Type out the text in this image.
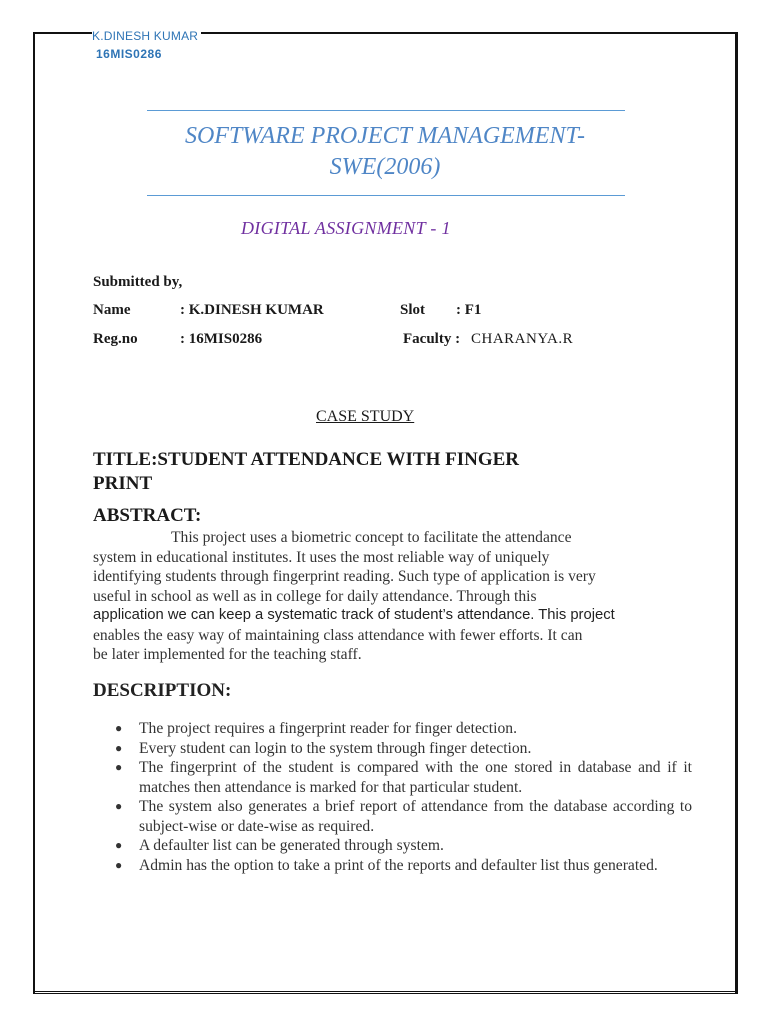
K.DINESH KUMAR
16MIS0286
SOFTWARE PROJECT MANAGEMENT-
SWE(2006)
DIGITAL ASSIGNMENT - 1
Submitted by,
Name	: K.DINESH KUMAR	Slot : F1
Reg.no	: 16MIS0286	Faculty : CHARANYA.R
CASE STUDY
TITLE:STUDENT ATTENDANCE WITH FINGER
PRINT
ABSTRACT:
This project uses a biometric concept to facilitate the attendance
system in educational institutes. It uses the most reliable way of uniquely
identifying students through fingerprint reading. Such type of application is very
useful in school as well as in college for daily attendance. Through this
application we can keep a systematic track of student’s attendance. This project
enables the easy way of maintaining class attendance with fewer efforts. It can
be later implemented for the teaching staff.
DESCRIPTION:
● The project requires a fingerprint reader for finger detection.
● Every student can login to the system through finger detection.
● The fingerprint of the student is compared with the one stored in database and if it matches then attendance is marked for that particular student.
● The system also generates a brief report of attendance from the database according to subject-wise or date-wise as required.
● A defaulter list can be generated through system.
● Admin has the option to take a print of the reports and defaulter list thus generated.
